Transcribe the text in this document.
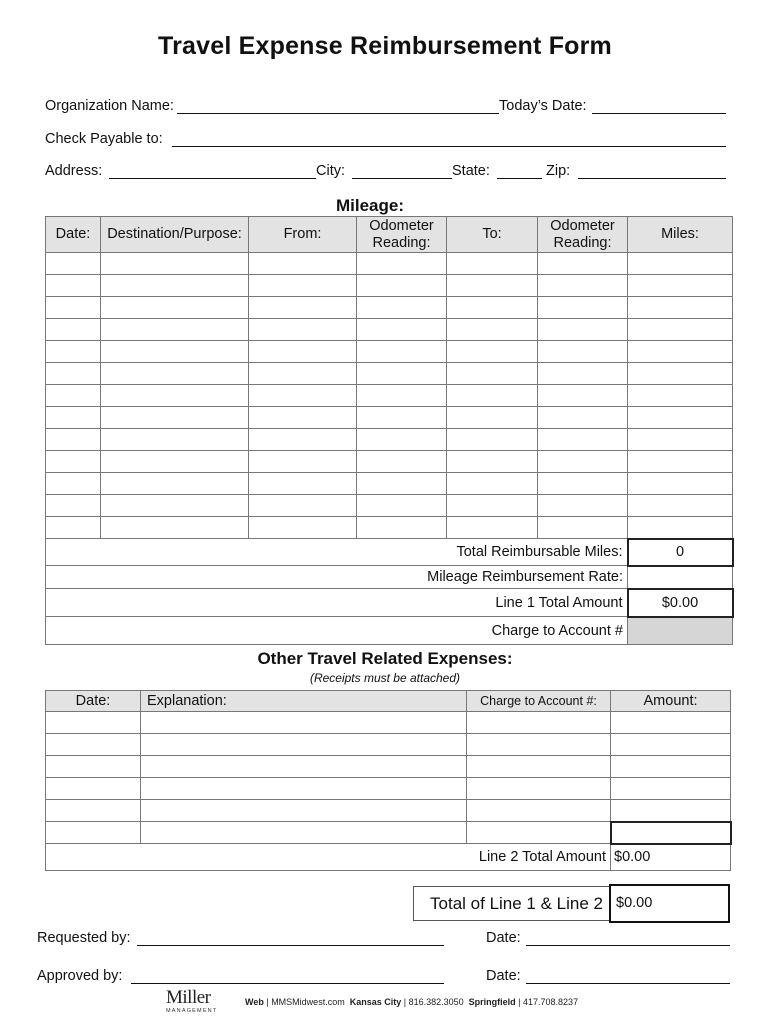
Travel Expense Reimbursement Form
Organization Name:	Today’s Date:
Check Payable to:
Address:	City:	State:	Zip:
Mileage:
Date:	Destination/Purpose:	From:	Odometer Reading:	To:	Odometer Reading:	Miles:

Total Reimbursable Miles:						0
Mileage Reimbursement Rate:						
Line 1 Total Amount						$0.00
Charge to Account #						
Other Travel Related Expenses:
(Receipts must be attached)
Date:	Explanation:	Charge to Account #:	Amount:

Line 2 Total Amount			$0.00
Total of Line 1 & Line 2 $0.00
Requested by:	Date:
Approved by:	Date:
Miller
MANAGEMENT
Web | MMSMidwest.com Kansas City | 816.382.3050 Springfield | 417.708.8237
